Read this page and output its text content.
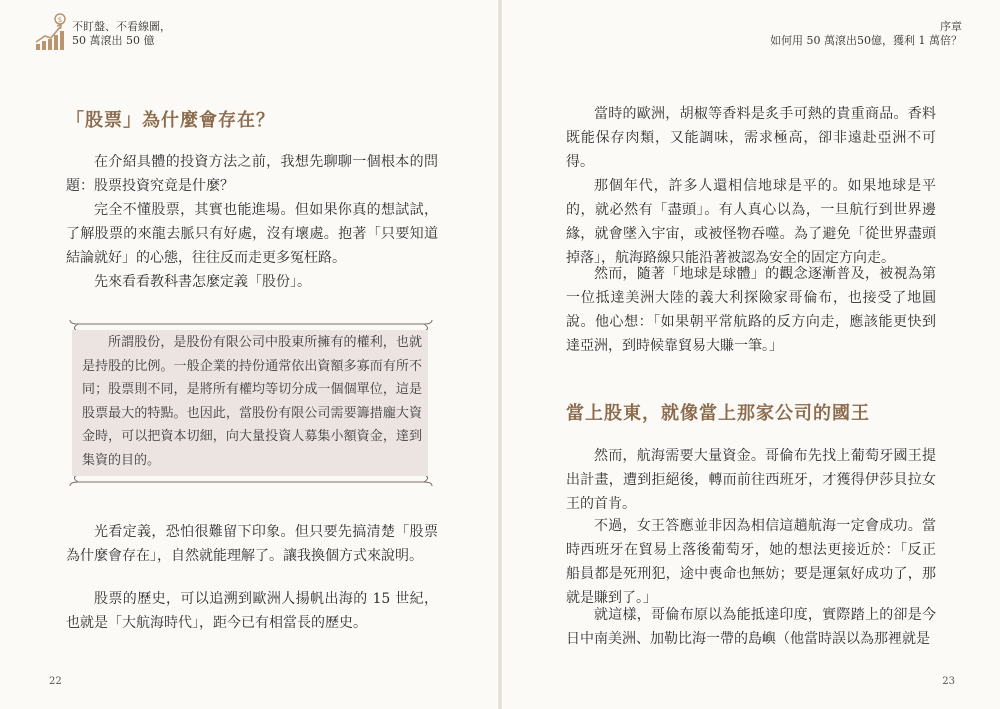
$ 不盯盤、不看線圖，
50 萬滾出 50 億
「股票」為什麼會存在？
在介紹具體的投資方法之前，我想先聊聊一個根本的問題：股票投資究竟是什麼？
完全不懂股票，其實也能進場。但如果你真的想試試，了解股票的來龍去脈只有好處，沒有壞處。抱著「只要知道結論就好」的心態，往往反而走更多冤枉路。
先來看看教科書怎麼定義「股份」。
所謂股份，是股份有限公司中股東所擁有的權利，也就是持股的比例。一般企業的持份通常依出資額多寡而有所不同；股票則不同，是將所有權均等切分成一個個單位，這是股票最大的特點。也因此，當股份有限公司需要籌措龐大資金時，可以把資本切細，向大量投資人募集小額資金，達到集資的目的。
光看定義，恐怕很難留下印象。但只要先搞清楚「股票為什麼會存在」，自然就能理解了。讓我換個方式來說明。
股票的歷史，可以追溯到歐洲人揚帆出海的 15 世紀，也就是「大航海時代」，距今已有相當長的歷史。
22
序章
如何用 50 萬滾出50億，獲利 1 萬倍？
當時的歐洲，胡椒等香料是炙手可熱的貴重商品。香料既能保存肉類，又能調味，需求極高，卻非遠赴亞洲不可得。
那個年代，許多人還相信地球是平的。如果地球是平的，就必然有「盡頭」。有人真心以為，一旦航行到世界邊緣，就會墜入宇宙，或被怪物吞噬。為了避免「從世界盡頭掉落」，航海路線只能沿著被認為安全的固定方向走。
然而，隨著「地球是球體」的觀念逐漸普及，被視為第一位抵達美洲大陸的義大利探險家哥倫布，也接受了地圓說。他心想：「如果朝平常航路的反方向走，應該能更快到達亞洲，到時候靠貿易大賺一筆。」
當上股東，就像當上那家公司的國王
然而，航海需要大量資金。哥倫布先找上葡萄牙國王提出計畫，遭到拒絕後，轉而前往西班牙，才獲得伊莎貝拉女王的首肯。
不過，女王答應並非因為相信這趟航海一定會成功。當時西班牙在貿易上落後葡萄牙，她的想法更接近於：「反正船員都是死刑犯，途中喪命也無妨；要是運氣好成功了，那就是賺到了。」
就這樣，哥倫布原以為能抵達印度，實際踏上的卻是今日中南美洲、加勒比海一帶的島嶼（他當時誤以為那裡就是
23
